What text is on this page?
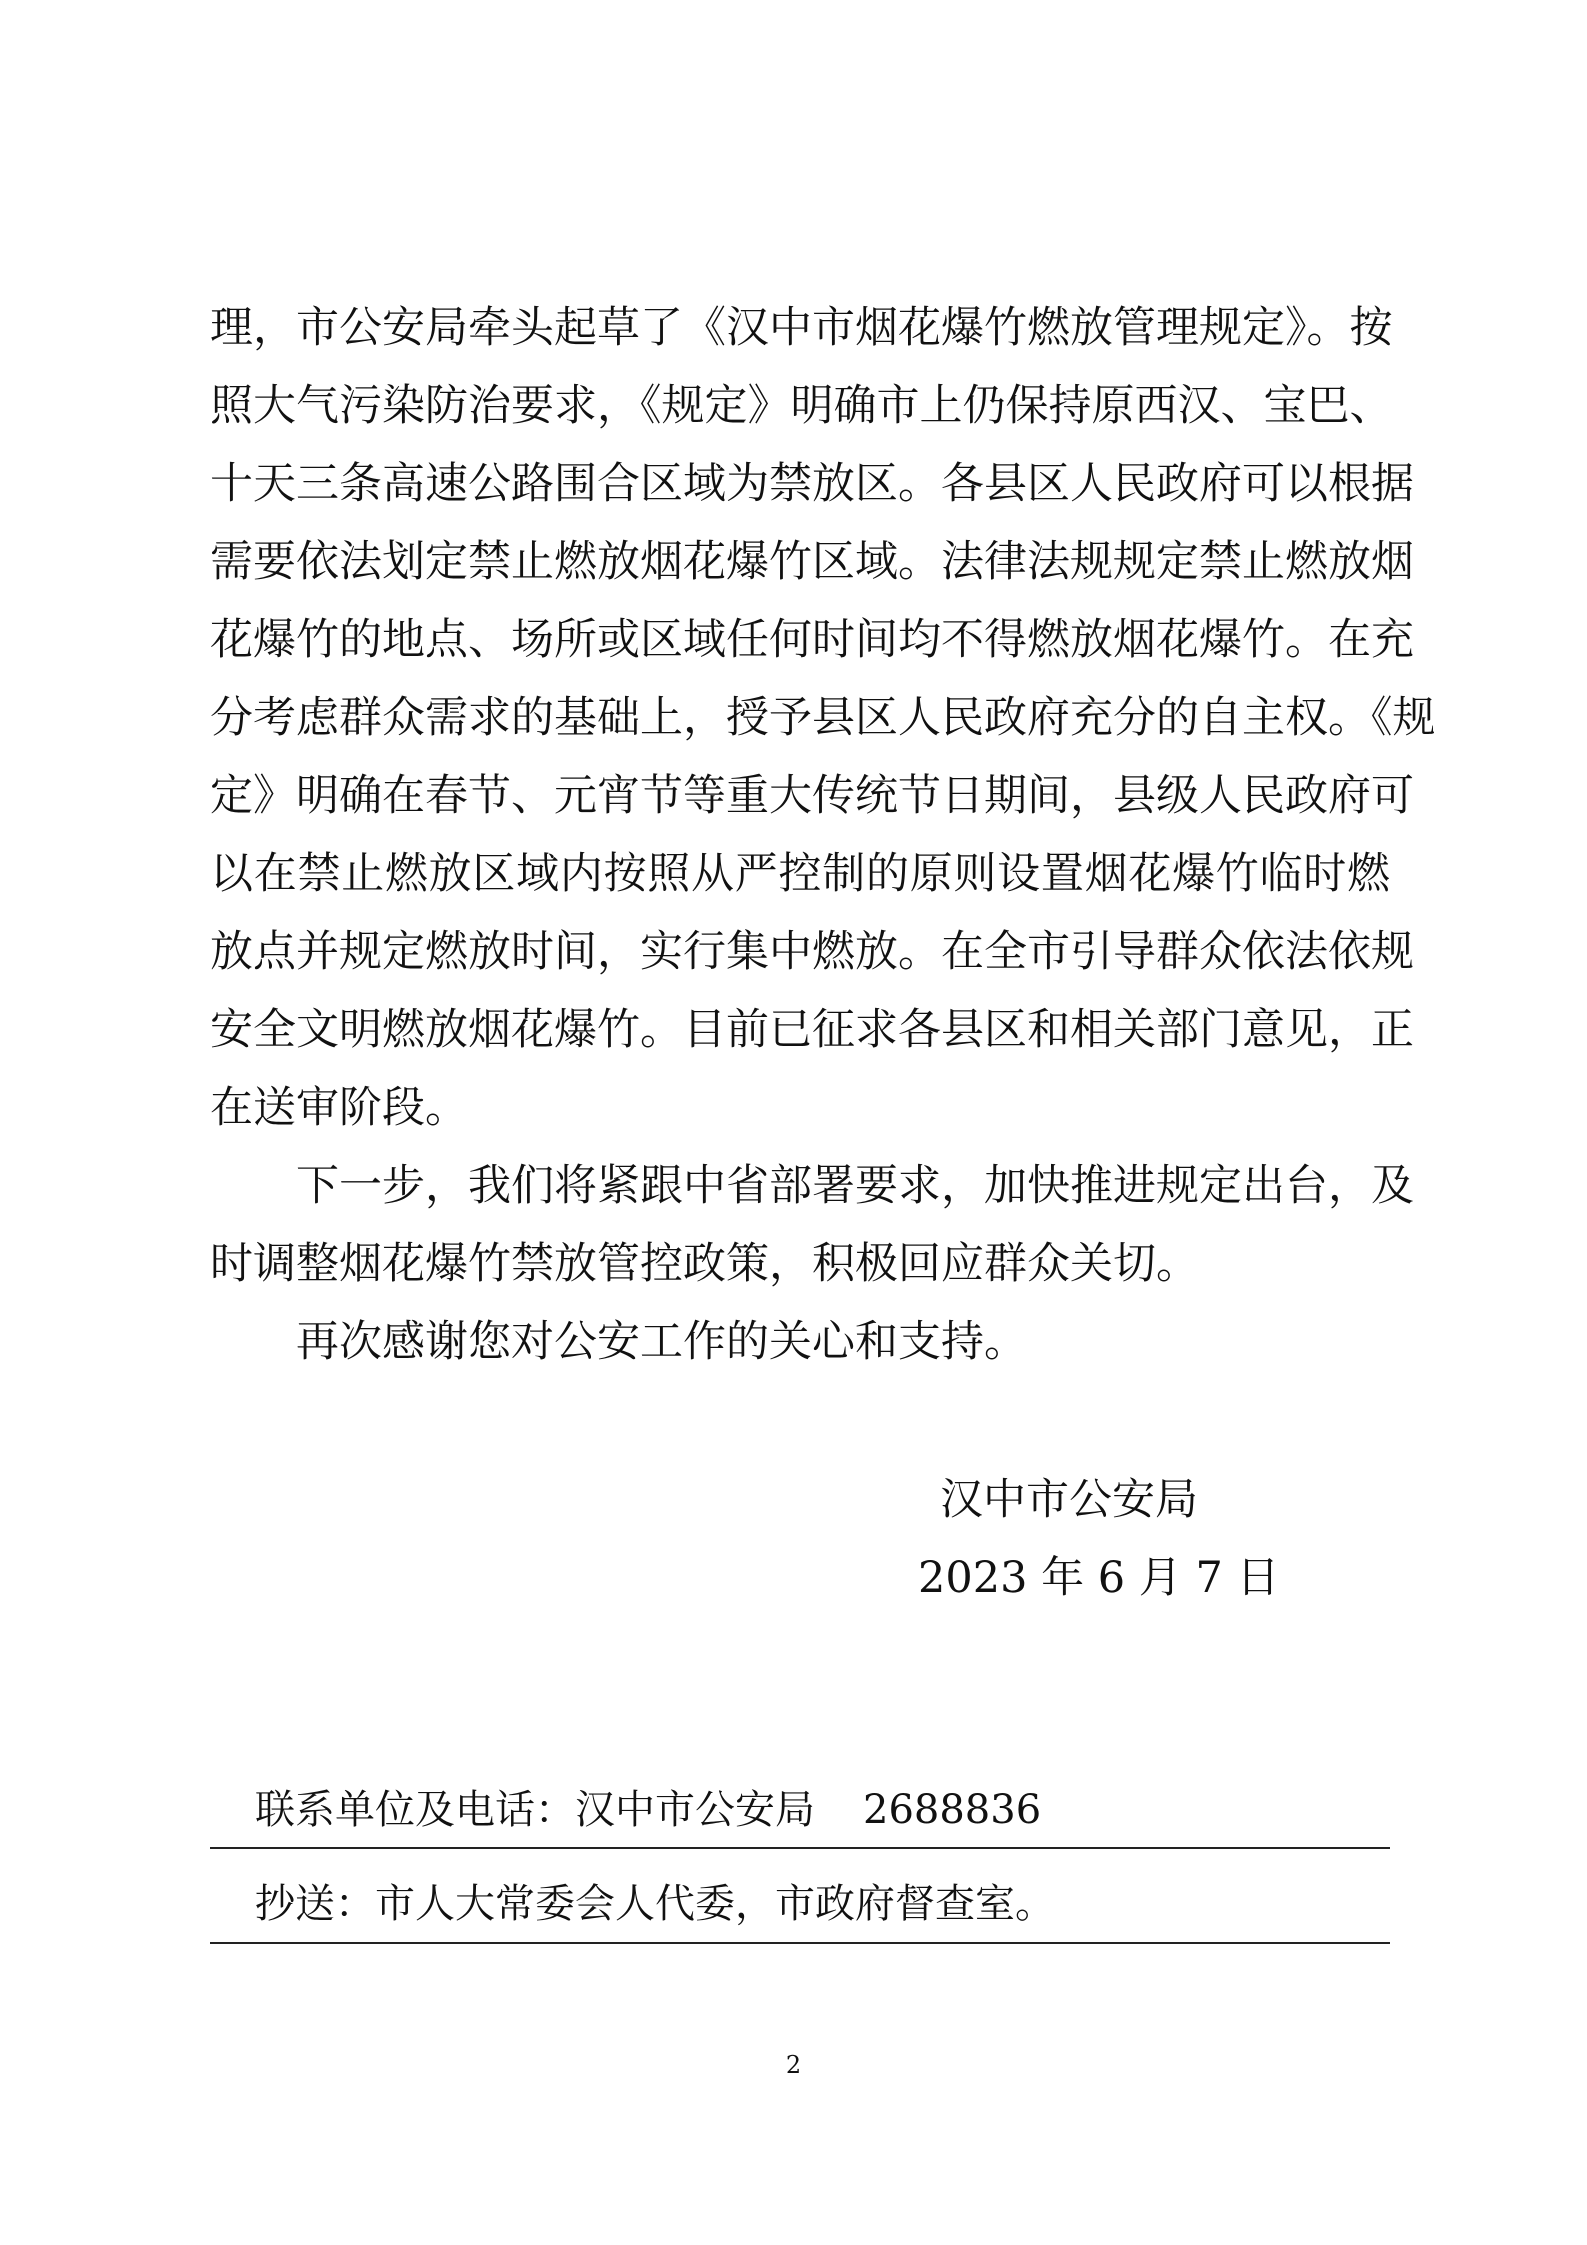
理，市公安局牵头起草了《汉中市烟花爆竹燃放管理规定》。按
照大气污染防治要求，《规定》明确市上仍保持原西汉、宝巴、
十天三条高速公路围合区域为禁放区。各县区人民政府可以根据
需要依法划定禁止燃放烟花爆竹区域。法律法规规定禁止燃放烟
花爆竹的地点、场所或区域任何时间均不得燃放烟花爆竹。在充
分考虑群众需求的基础上，授予县区人民政府充分的自主权。《规
定》明确在春节、元宵节等重大传统节日期间，县级人民政府可
以在禁止燃放区域内按照从严控制的原则设置烟花爆竹临时燃
放点并规定燃放时间，实行集中燃放。在全市引导群众依法依规
安全文明燃放烟花爆竹。目前已征求各县区和相关部门意见，正
在送审阶段。
下一步，我们将紧跟中省部署要求，加快推进规定出台，及
时调整烟花爆竹禁放管控政策，积极回应群众关切。
再次感谢您对公安工作的关心和支持。
汉中市公安局
2023 年 6 月 7 日
联系单位及电话：汉中市公安局 2688836
抄送：市人大常委会人代委，市政府督查室。
2
